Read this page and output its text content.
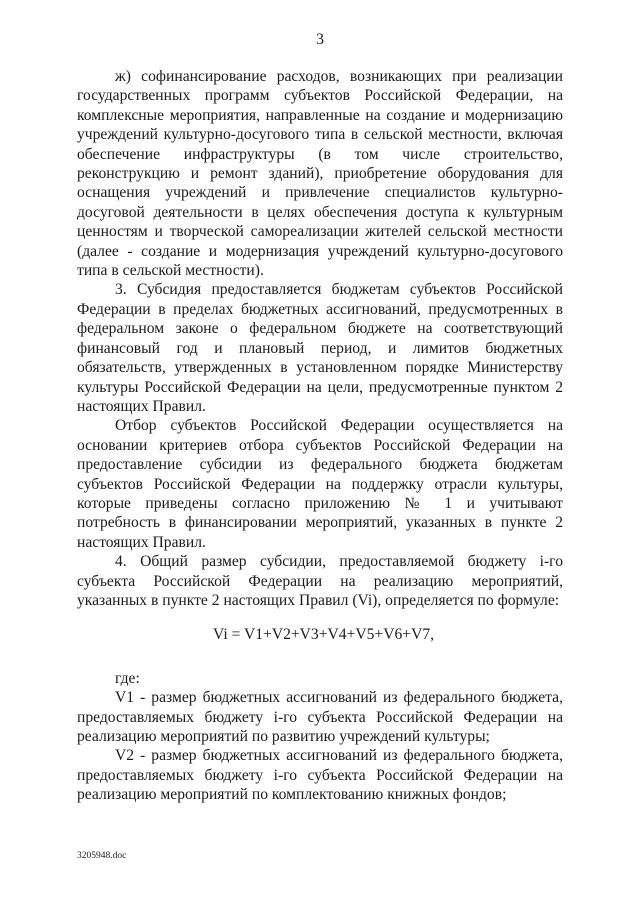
3

ж) софинансирование расходов, возникающих при реализации государственных программ субъектов Российской Федерации, на комплексные мероприятия, направленные на создание и модернизацию учреждений культурно-досугового типа в сельской местности, включая обеспечение инфраструктуры (в том числе строительство, реконструкцию и ремонт зданий), приобретение оборудования для оснащения учреждений и привлечение специалистов культурно-досуговой деятельности в целях обеспечения доступа к культурным ценностям и творческой самореализации жителей сельской местности (далее - создание и модернизация учреждений культурно-досугового типа в сельской местности).

3. Субсидия предоставляется бюджетам субъектов Российской Федерации в пределах бюджетных ассигнований, предусмотренных в федеральном законе о федеральном бюджете на соответствующий финансовый год и плановый период, и лимитов бюджетных обязательств, утвержденных в установленном порядке Министерству культуры Российской Федерации на цели, предусмотренные пунктом 2 настоящих Правил.

Отбор субъектов Российской Федерации осуществляется на основании критериев отбора субъектов Российской Федерации на предоставление субсидии из федерального бюджета бюджетам субъектов Российской Федерации на поддержку отрасли культуры, которые приведены согласно приложению № 1 и учитывают потребность в финансировании мероприятий, указанных в пункте 2 настоящих Правил.

4. Общий размер субсидии, предоставляемой бюджету i-го субъекта Российской Федерации на реализацию мероприятий, указанных в пункте 2 настоящих Правил (Vi), определяется по формуле:

Vi = V1+V2+V3+V4+V5+V6+V7,

где:

V1 - размер бюджетных ассигнований из федерального бюджета, предоставляемых бюджету i-го субъекта Российской Федерации на реализацию мероприятий по развитию учреждений культуры;

V2 - размер бюджетных ассигнований из федерального бюджета, предоставляемых бюджету i-го субъекта Российской Федерации на реализацию мероприятий по комплектованию книжных фондов;

3205948.doc
